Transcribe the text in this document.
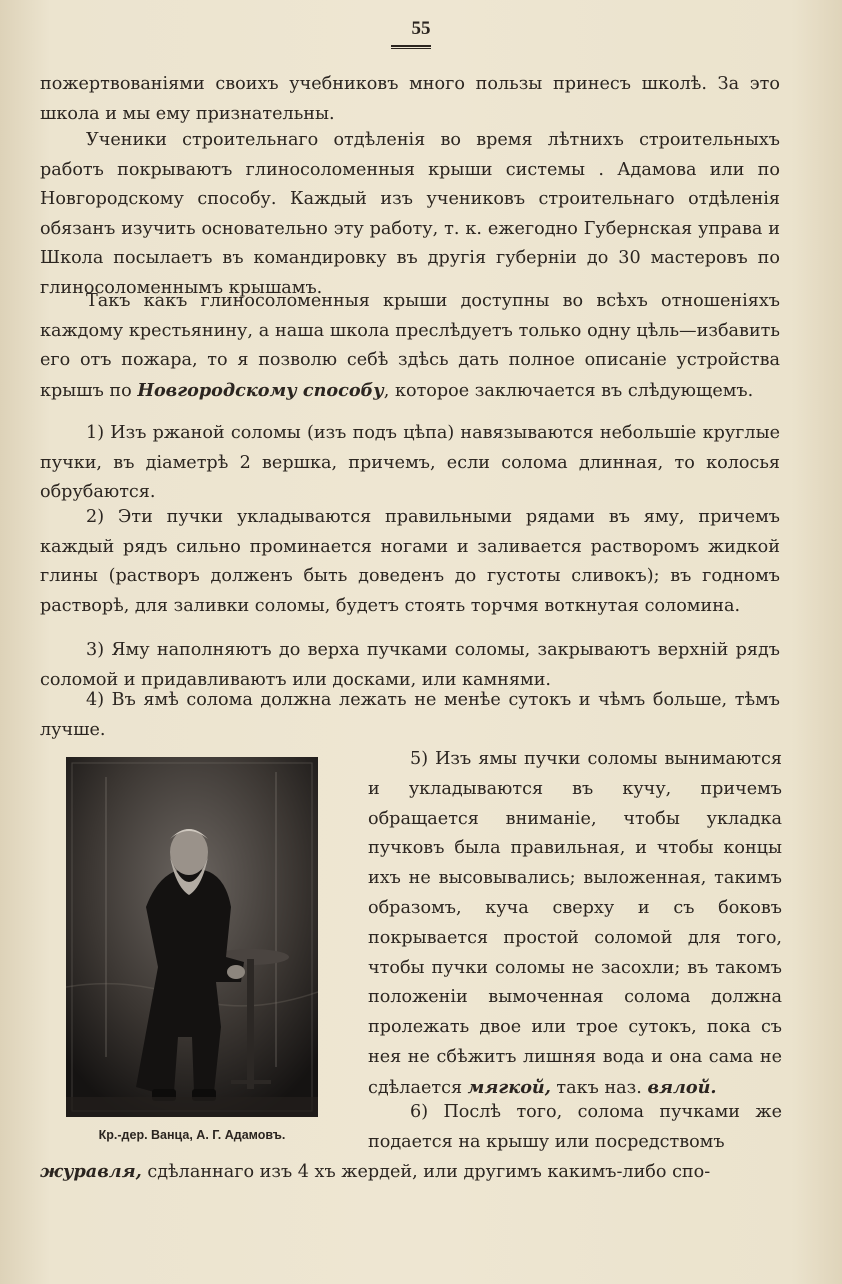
55

пожертвованіями своихъ учебниковъ много пользы принесъ школѣ. За это школа и мы ему признательны.

Ученики строительнаго отдѣленія во время лѣтнихъ строительныхъ работъ покрываютъ глиносоломенныя крыши системы . Адамова или по Новгородскому способу. Каждый изъ учениковъ строительнаго отдѣленія обязанъ изучить основательно эту работу, т. к. ежегодно Губернская управа и Школа посылаетъ въ командировку въ другія губерніи до 30 мастеровъ по глиносоломеннымъ крышамъ.

Такъ какъ глиносоломенныя крыши доступны во всѣхъ отношеніяхъ каждому крестьянину, а наша школа преслѣдуетъ только одну цѣль—избавить его отъ пожара, то я позволю себѣ здѣсь дать полное описаніе устройства крышъ по Новгородскому способу, которое заключается въ слѣдующемъ.

1) Изъ ржаной соломы (изъ подъ цѣпа) навязываются небольшіе круглые пучки, въ діаметрѣ 2 вершка, причемъ, если солома длинная, то колосья обрубаются.

2) Эти пучки укладываются правильными рядами въ яму, причемъ каждый рядъ сильно проминается ногами и заливается растворомъ жидкой глины (растворъ долженъ быть доведенъ до густоты сливокъ); въ годномъ растворѣ, для заливки соломы, будетъ стоять торчмя воткнутая соломина.

3) Яму наполняютъ до верха пучками соломы, закрываютъ верхній рядъ соломой и придавливаютъ или досками, или камнями.

4) Въ ямѣ солома должна лежать не менѣе сутокъ и чѣмъ больше, тѣмъ лучше.

Кр.-дер. Ванца, А. Г. Адамовъ.
5) Изъ ямы пучки соломы вынимаются и укладываются въ кучу, причемъ обращается вниманіе, чтобы укладка пучковъ была правильная, и чтобы концы ихъ не высовывались; выложенная, такимъ образомъ, куча сверху и съ боковъ покрывается простой соломой для того, чтобы пучки соломы не засохли; въ такомъ положеніи вымоченная солома должна пролежать двое или трое сутокъ, пока съ нея не сбѣжитъ лишняя вода и она сама не сдѣлается мягкой, такъ наз. вялой.
6) Послѣ того, солома пучками же подается на крышу или посредствомъ
журавля, сдѣланнаго изъ 4 хъ жердей, или другимъ какимъ-либо спо-
